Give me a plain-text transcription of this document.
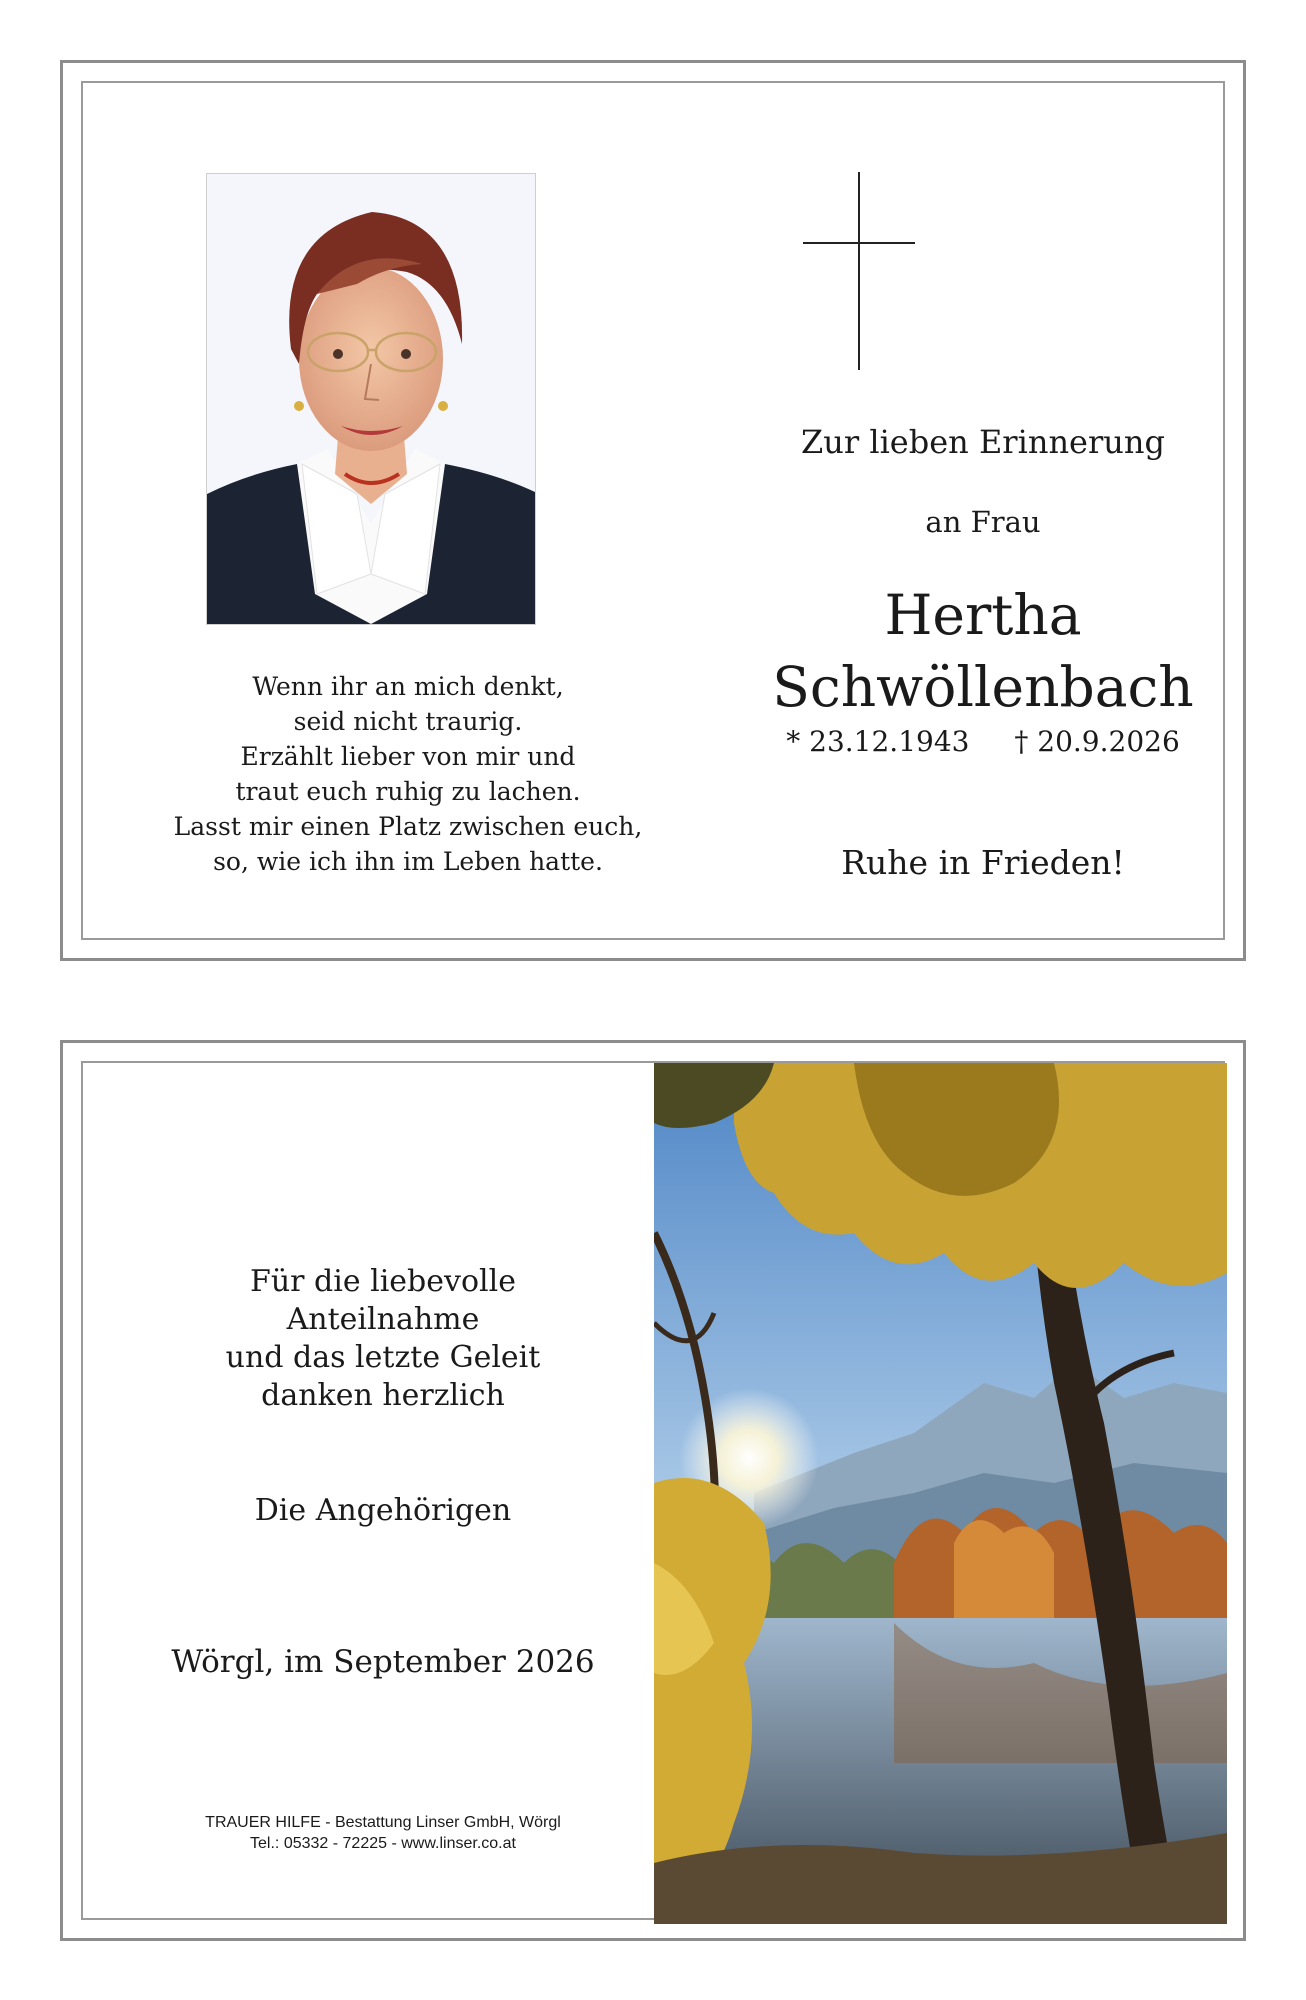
Wenn ihr an mich denkt,
seid nicht traurig.
Erzählt lieber von mir und
traut euch ruhig zu lachen.
Lasst mir einen Platz zwischen euch,
so, wie ich ihn im Leben hatte.
Zur lieben Erinnerung
an Frau
Hertha
Schwöllenbach
* 23.12.1943 † 20.9.2026
Ruhe in Frieden!
Für die liebevolle
Anteilnahme
und das letzte Geleit
danken herzlich
Die Angehörigen
Wörgl, im September 2026
TRAUER HILFE - Bestattung Linser GmbH, Wörgl
Tel.: 05332 - 72225 - www.linser.co.at
